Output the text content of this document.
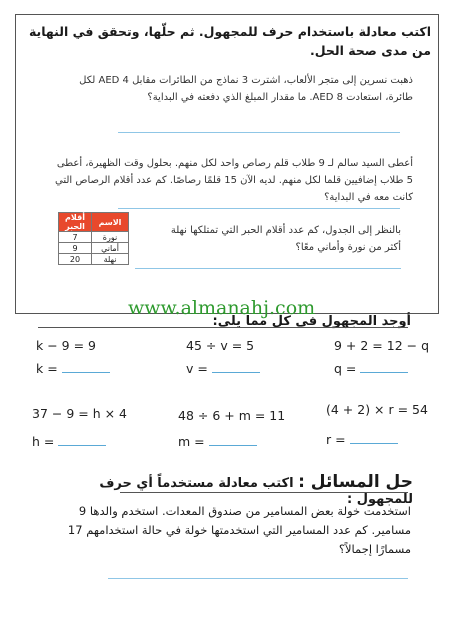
اكتب معادلة باستخدام حرف للمجهول. ثم حلّها، وتحقق في النهاية من مدى صحة الحل.
ذهبت نسرين إلى متجر الألعاب، اشترت 3 نماذج من الطائرات مقابل 4 AED لكل طائرة، استعادت 8 AED. ما مقدار المبلغ الذي دفعته في البداية؟
أعطى السيد سالم لـ 9 طلاب قلم رصاص واحد لكل منهم. بحلول وقت الظهيرة، أعطى 5 طلاب إضافيين قلما لكل منهم. لديه الآن 15 قلمًا رصاصًا. كم عدد أقلام الرصاص التي كانت معه في البداية؟
الاسم	أقلام الحبر
نورة	7
أماني	9
نهلة	20
بالنظر إلى الجدول، كم عدد أقلام الحبر التي تمتلكها نهلة أكثر من نورة وأماني معًا؟
www.almanahj.com
أوجد المجهول في كل مما يلي:
k − 9 = 9	45 ÷ v = 5	9 + 2 = 12 − q
k =	v =	q =
37 − 9 = h × 4	48 ÷ 6 + m = 11	(4 + 2) × r = 54
h =	m =	r =
حل المسائل : اكتب معادلة مستخدماً أي حرف للمجهول :
استخدمت خولة بعض المسامير من صندوق المعدات. استخدم والدها 9 مسامير. كم عدد المسامير التي استخدمتها خولة في حالة استخدامهم 17 مسمارًا إجمالاً؟
